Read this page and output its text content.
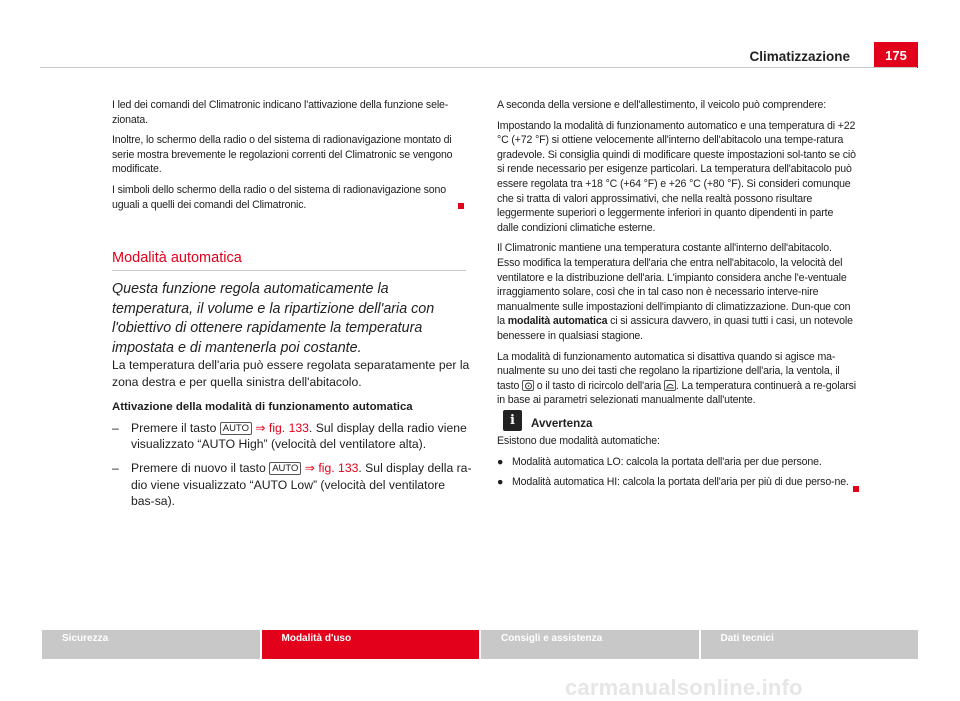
Climatizzazione	175

I led dei comandi del Climatronic indicano l'attivazione della funzione sele-zionata.

Inoltre, lo schermo della radio o del sistema di radionavigazione montato di serie mostra brevemente le regolazioni correnti del Climatronic se vengono modificate.

I simboli dello schermo della radio o del sistema di radionavigazione sono uguali a quelli dei comandi del Climatronic.

Modalità automatica
Questa funzione regola automaticamente la temperatura, il volume e la ripartizione dell'aria con l'obiettivo di ottenere rapidamente la temperatura impostata e di mantenerla poi costante.

La temperatura dell'aria può essere regolata separatamente per la zona destra e per quella sinistra dell'abitacolo.

Attivazione della modalità di funzionamento automatica

– Premere il tasto AUTO ⇒ fig. 133. Sul display della radio viene visualizzato “AUTO High” (velocità del ventilatore alta).
– Premere di nuovo il tasto AUTO ⇒ fig. 133. Sul display della ra-dio viene visualizzato “AUTO Low” (velocità del ventilatore bas-sa).

A seconda della versione e dell'allestimento, il veicolo può comprendere:

Impostando la modalità di funzionamento automatico e una temperatura di +22 °C (+72 °F) si ottiene velocemente all'interno dell'abitacolo una tempe-ratura gradevole. Si consiglia quindi di modificare queste impostazioni sol-tanto se ciò si rende necessario per esigenze particolari. La temperatura dell'abitacolo può essere regolata tra +18 °C (+64 °F) e +26 °C (+80 °F). Si consideri comunque che si tratta di valori approssimativi, che nella realtà possono risultare leggermente superiori o leggermente inferiori in quanto dipendenti in parte dalle condizioni climatiche esterne.

Il Climatronic mantiene una temperatura costante all'interno dell'abitacolo. Esso modifica la temperatura dell'aria che entra nell'abitacolo, la velocità del ventilatore e la distribuzione dell'aria. L'impianto considera anche l'e-ventuale irraggiamento solare, così che in tal caso non è necessario interve-nire manualmente sulle impostazioni dell'impianto di climatizzazione. Dun-que con la modalità automatica ci si assicura davvero, in quasi tutti i casi, un notevole benessere in qualsiasi stagione.

La modalità di funzionamento automatica si disattiva quando si agisce ma-nualmente su uno dei tasti che regolano la ripartizione dell'aria, la ventola, il tasto
o il tasto di ricircolo dell'aria
. La temperatura continuerà a re-golarsi in base ai parametri selezionati manualmente dall'utente.

i	Avvertenza

Esistono due modalità automatiche:

● Modalità automatica LO: calcola la portata dell'aria per due persone.

● Modalità automatica HI: calcola la portata dell'aria per più di due perso-ne.

Sicurezza	Modalità d'uso	Consigli e assistenza	Dati tecnici
carmanualsonline.info
